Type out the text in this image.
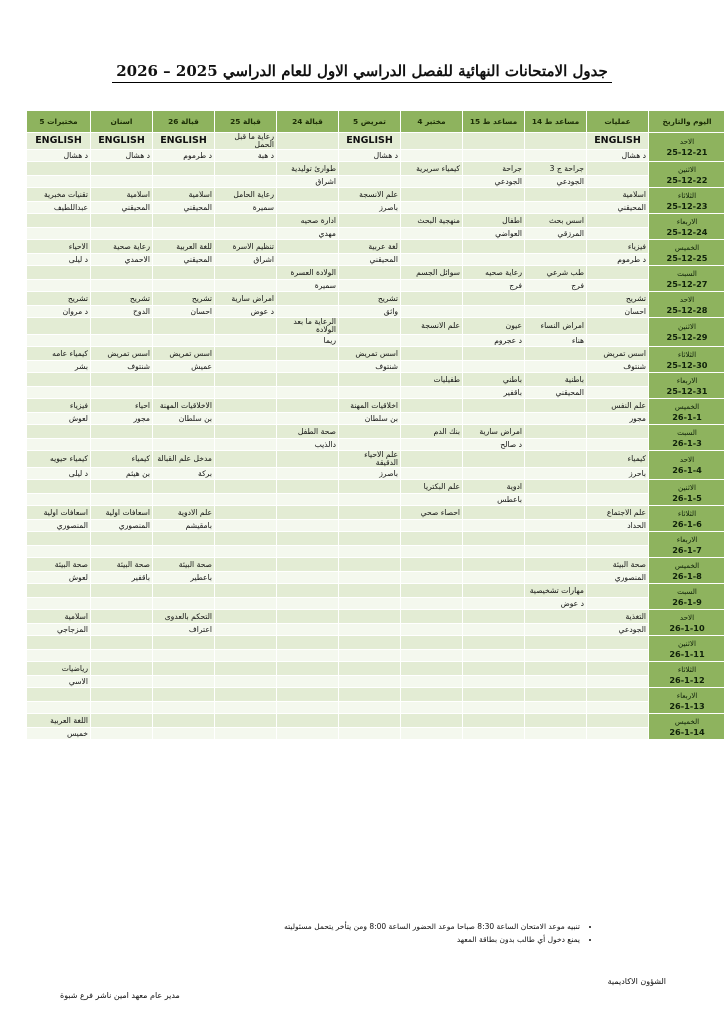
جدول الامتحانات النهائية للفصل الدراسي الاول للعام الدراسي 2025 – 2026
اليوم والتاريخ	عمليات	مساعد ط 14	مساعد ط 15	مختبر 4	تمريض 5	قبالة 24	قبالة 25	قبالة 26	اسنان	مختبرات 5

الاحد
25-12-21	ENGLISH				ENGLISH		رعاية ما قبل الحمل	ENGLISH	ENGLISH	ENGLISH
	د هشال				د هشال		د هبة	د طرموم	د هشال	د هشال

الاثنين
25-12-22		جراحة ج 3	جراحة	كيمياء سريرية		طوارئ توليدية				
		الجودعي	الجودعي			اشراق				

الثلاثاء
25-12-23	اسلامية				علم الانسجة		رعاية الحامل	اسلامية	اسلامية	تقنيات مخبرية
	المحيقني				باصرز		سميرة	المحيقني	المحيقني	عبداللطيف

الاربعاء
25-12-24		اسس بحث	اطفال	منهجية البحث		ادارة صحيه				
		المرزقي	العواضي			مهدي				

الخميس
25-12-25	فيزياء				لغة عربية		تنظيم الاسرة	للغة العربية	رعاية صحية	الاحياء
	د طرموم				المحيقني		اشراق	المحيقني	الاحمدي	د ليلى

السبت
25-12-27		طب شرعي	رعاية صحيه	سوائل الجسم		الولادة العسرة				
		فرج	فرج			سميرة				

الاحد
25-12-28	تشريح				تشريح		امراض سارية	تشريح	تشريح	تشريح
	احسان				واثق		د عوض	احسان	الدوح	د مروان

الاثنين
25-12-29		امراض النساء	عيون	علم الانسجة		الرعاية ما بعد الولادة				
		هناء	د عجروم			ريما				

الثلاثاء
25-12-30	اسس تمريض				اسس تمريض			اسس تمريض	اسس تمريض	كيمياء عامه
	شنتوف				شنتوف			عميش	شنتوف	بشر

الاربعاء
25-12-31		باطنية	باطني	طفيليات						
		المحيقني	باقفير							

الخميس
26-1-1	علم النفس				اخلاقيات المهنة			الاخلاقيات المهنة	احياء	فيزياء
	مجور				بن سلطان			بن سلطان	مجور	لعوش

السبت
26-1-3			امراض سارية	بنك الدم		صحة الطفل				
			د صالح			دالذيب				

الاحد
26-1-4	كيمياء				علم الاحياء الدقيقة			مدخل علم القبالة	كيمياء	كيمياء حيويه
	باحرز				باصرز			بركة	بن هيثم	د ليلى

الاثنين
26-1-5			ادوية	علم البكتريا						
			باعطس							

الثلاثاء
26-1-6	علم الاجتماع			احصاء صحي				علم الادوية	اسعافات اولية	اسعافات اولية
	الحداد							بامقيشم	المنصوري	المنصوري

الاربعاء
26-1-7										

الخميس
26-1-8	صحة البيئة							صحة البيئة	صحة البيئة	صحة البيئة
	المنصوري							باعطير	باقفير	لعوش

السبت
26-1-9		مهارات تشخيصية								
		د عوض								

الاحد
26-1-10	التغذية							التحكم بالعدوى		اسلامية
	الجودعي							اعتراف		المزجاجي

الاثنين
26-1-11										

الثلاثاء
26-1-12										رياضيات
										الاسي

الاربعاء
26-1-13										

الخميس
26-1-14										اللغة العربية
										خميس
• تنبيه موعد الامتحان الساعة 8:30 صباحا موعد الحضور الساعة 8:00 ومن يتأخر يتحمل مسئوليته
• يمنع دخول أي طالب بدون بطاقة المعهد
الشؤون الاكاديمية
مدير عام معهد امين ناشر فرع شبوة
